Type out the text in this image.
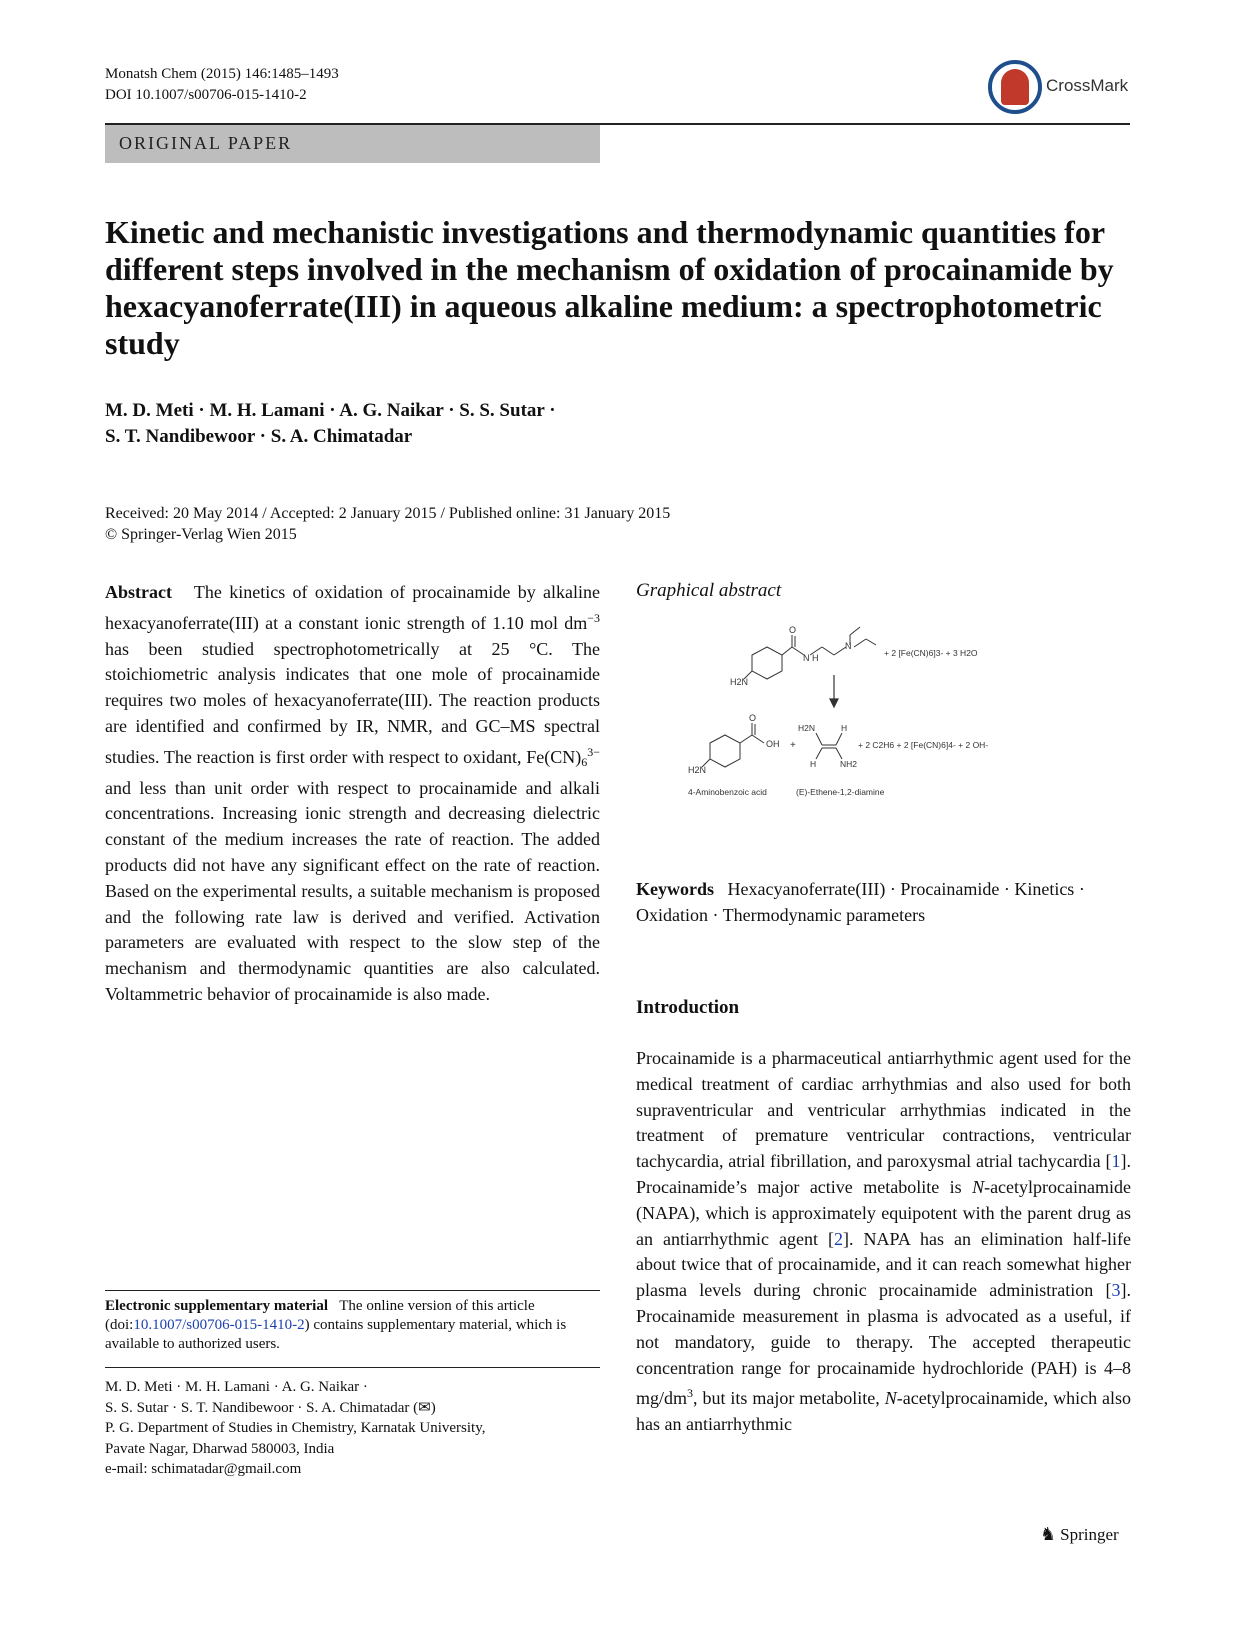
Monatsh Chem (2015) 146:1485–1493
DOI 10.1007/s00706-015-1410-2	CrossMark
ORIGINAL PAPER
Kinetic and mechanistic investigations and thermodynamic quantities for different steps involved in the mechanism of oxidation of procainamide by hexacyanoferrate(III) in aqueous alkaline medium: a spectrophotometric study
M. D. Meti · M. H. Lamani · A. G. Naikar · S. S. Sutar ·
S. T. Nandibewoor · S. A. Chimatadar
Received: 20 May 2014 / Accepted: 2 January 2015 / Published online: 31 January 2015
© Springer-Verlag Wien 2015
Abstract The kinetics of oxidation of procainamide by alkaline hexacyanoferrate(III) at a constant ionic strength of 1.10 mol $dm^{-3}$ has been studied spectrophotometrically at 25 °C. The stoichiometric analysis indicates that one mole of procainamide requires two moles of hexacyanoferrate(III). The reaction products are identified and confirmed by IR, NMR, and GC–MS spectral studies. The reaction is first order with respect to oxidant, $Fe(CN)_6^{3-}$ and less than unit order with respect to procainamide and alkali concentrations. Increasing ionic strength and decreasing dielectric constant of the medium increases the rate of reaction. The added products did not have any significant effect on the rate of reaction. Based on the experimental results, a suitable mechanism is proposed and the following rate law is derived and verified. Activation parameters are evaluated with respect to the slow step of the mechanism and thermodynamic quantities are also calculated. Voltammetric behavior of procainamide is also made.
Graphical abstract
H2N
O
N H
N
+ 2 [Fe(CN)6]3- + 3 H2O
H2N
O
OH +
H2N	H
H	NH2
+ 2 C2H6 + 2 [Fe(CN)6]4- + 2 OH-
4-Aminobenzoic acid	(E)-Ethene-1,2-diamine
Keywords Hexacyanoferrate(III) · Procainamide · Kinetics · Oxidation · Thermodynamic parameters
Introduction
Procainamide is a pharmaceutical antiarrhythmic agent used for the medical treatment of cardiac arrhythmias and also used for both supraventricular and ventricular arrhythmias indicated in the treatment of premature ventricular contractions, ventricular tachycardia, atrial fibrillation, and paroxysmal atrial tachycardia [1]. Procainamide’s major active metabolite is N-acetylprocainamide (NAPA), which is approximately equipotent with the parent drug as an antiarrhythmic agent [2]. NAPA has an elimination half-life about twice that of procainamide, and it can reach somewhat higher plasma levels during chronic procainamide administration [3]. Procainamide measurement in plasma is advocated as a useful, if not mandatory, guide to therapy. The accepted therapeutic concentration range for procainamide hydrochloride (PAH) is 4–8 $mg/dm^3$, but its major metabolite, N-acetylprocainamide, which also has an antiarrhythmic
Electronic supplementary material The online version of this article (doi:10.1007/s00706-015-1410-2) contains supplementary material, which is available to authorized users.
M. D. Meti · M. H. Lamani · A. G. Naikar ·
S. S. Sutar · S. T. Nandibewoor · S. A. Chimatadar (✉)
P. G. Department of Studies in Chemistry, Karnatak University,
Pavate Nagar, Dharwad 580003, India
e-mail: schimatadar@gmail.com
♞ Springer
